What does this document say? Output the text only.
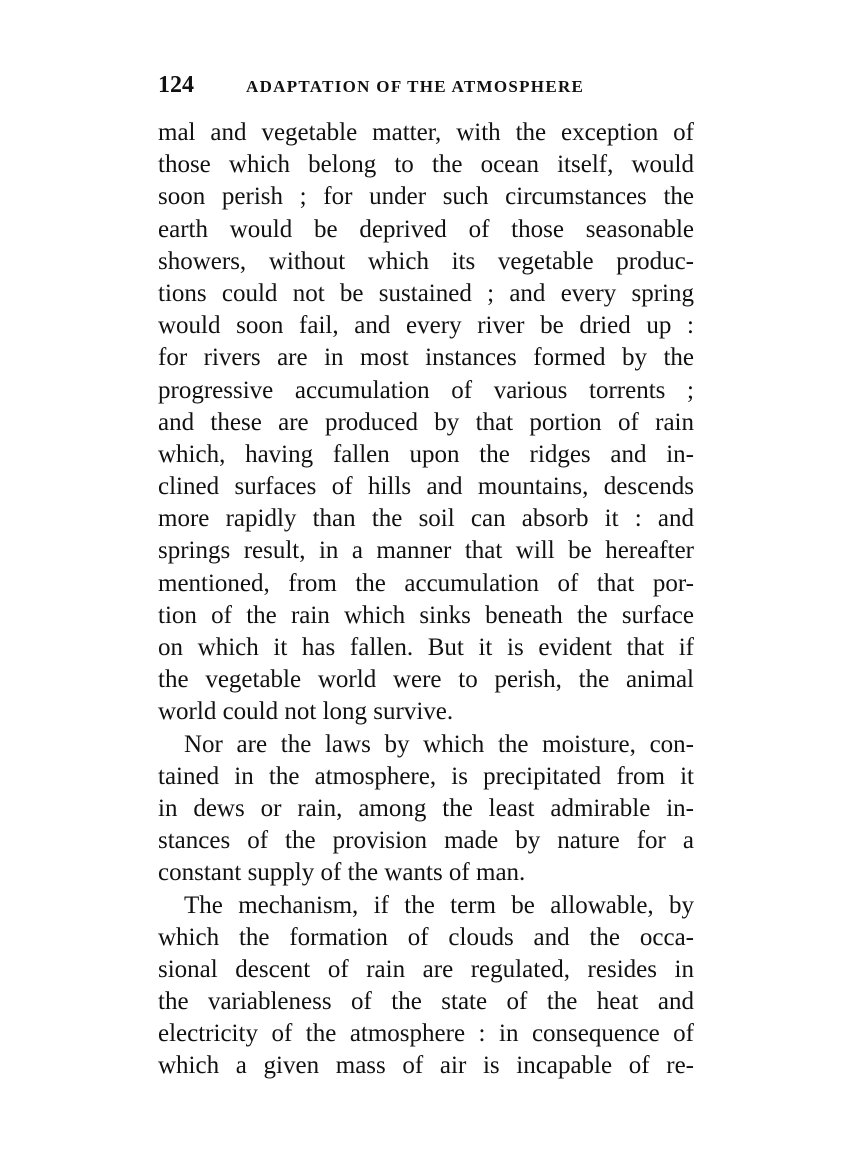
124	ADAPTATION OF THE ATMOSPHERE
mal and vegetable matter, with the exception of
those which belong to the ocean itself, would
soon perish ; for under such circumstances the
earth would be deprived of those seasonable
showers, without which its vegetable produc-
tions could not be sustained ; and every spring
would soon fail, and every river be dried up :
for rivers are in most instances formed by the
progressive accumulation of various torrents ;
and these are produced by that portion of rain
which, having fallen upon the ridges and in-
clined surfaces of hills and mountains, descends
more rapidly than the soil can absorb it : and
springs result, in a manner that will be hereafter
mentioned, from the accumulation of that por-
tion of the rain which sinks beneath the surface
on which it has fallen. But it is evident that if
the vegetable world were to perish, the animal
world could not long survive.
Nor are the laws by which the moisture, con-
tained in the atmosphere, is precipitated from it
in dews or rain, among the least admirable in-
stances of the provision made by nature for a
constant supply of the wants of man.
The mechanism, if the term be allowable, by
which the formation of clouds and the occa-
sional descent of rain are regulated, resides in
the variableness of the state of the heat and
electricity of the atmosphere : in consequence of
which a given mass of air is incapable of re-
